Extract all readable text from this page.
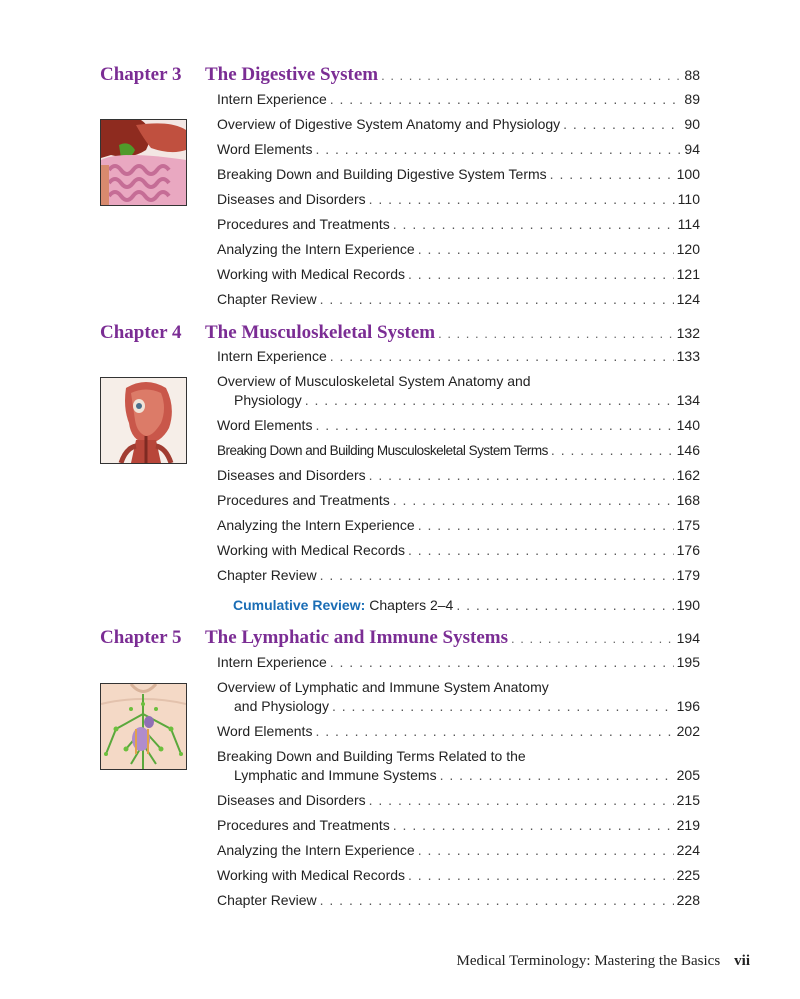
Chapter 3 The Digestive System . . .	88
Intern Experience . . .	89
Overview of Digestive System Anatomy and Physiology . . .	90
Word Elements . . .	94
Breaking Down and Building Digestive System Terms . . .	100
Diseases and Disorders . . .	110
Procedures and Treatments . . .	114
Analyzing the Intern Experience . . .	120
Working with Medical Records . . .	121
Chapter Review . . .	124
Chapter 4 The Musculoskeletal System . . .	132
Intern Experience . . .	133
Overview of Musculoskeletal System Anatomy and
Physiology . . .	134
Word Elements . . .	140
Breaking Down and Building Musculoskeletal System Terms . . .	146
Diseases and Disorders . . .	162
Procedures and Treatments . . .	168
Analyzing the Intern Experience . . .	175
Working with Medical Records . . .	176
Chapter Review . . .	179
Cumulative Review: Chapters 2–4 . . .	190
Chapter 5 The Lymphatic and Immune Systems . . .	194
Intern Experience . . .	195
Overview of Lymphatic and Immune System Anatomy
and Physiology . . .	196
Word Elements . . .	202
Breaking Down and Building Terms Related to the
Lymphatic and Immune Systems . . .	205
Diseases and Disorders . . .	215
Procedures and Treatments . . .	219
Analyzing the Intern Experience . . .	224
Working with Medical Records . . .	225
Chapter Review . . .	228
Medical Terminology: Mastering the Basics vii
